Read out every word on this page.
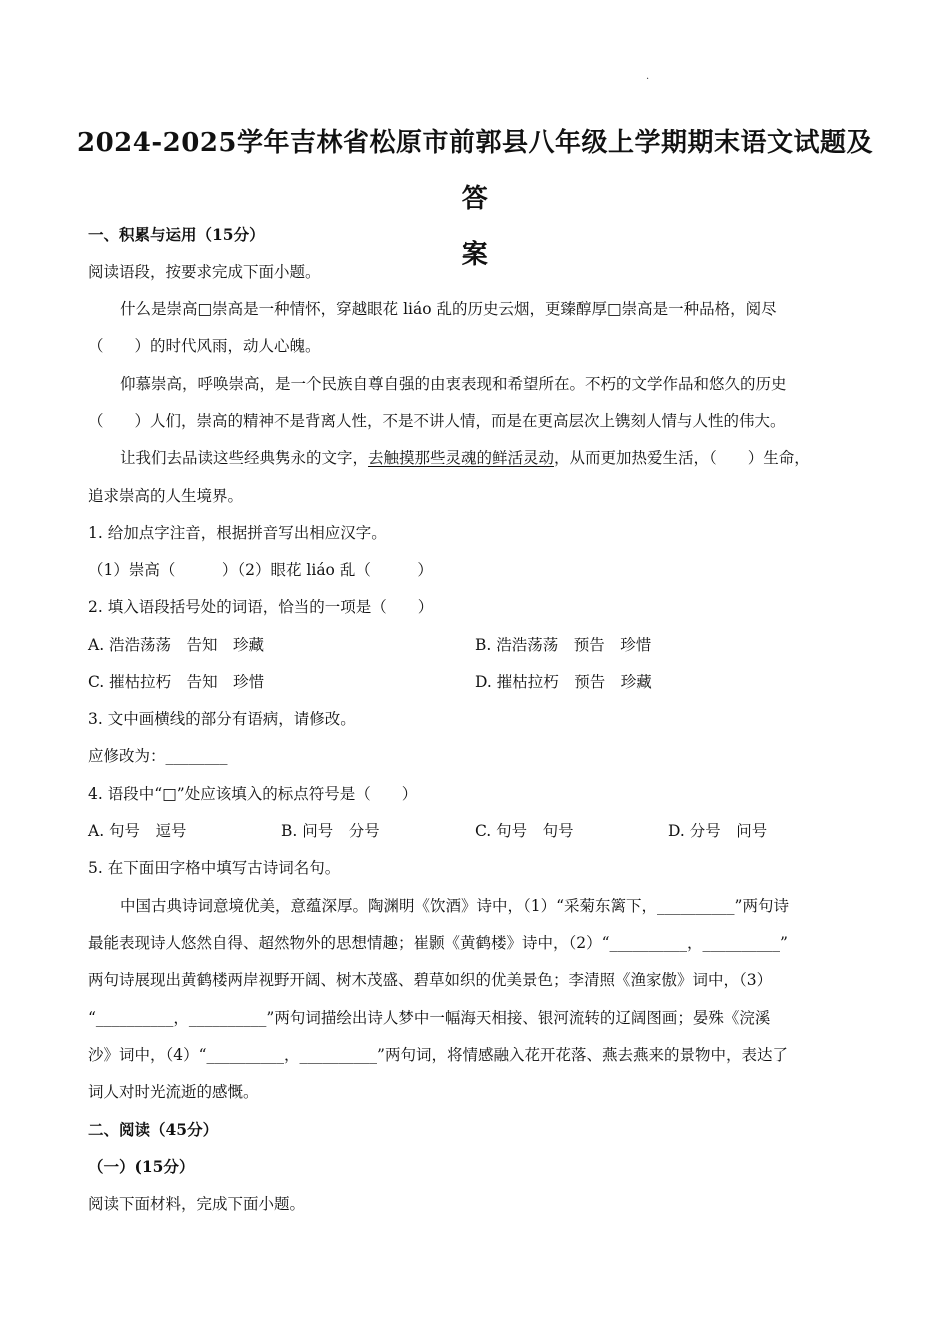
·
2024-2025学年吉林省松原市前郭县八年级上学期期末语文试题及答
案
一、积累与运用（15分）
阅读语段，按要求完成下面小题。
什么是崇高□崇高是一种情怀，穿越眼花 liáo 乱的历史云烟，更臻醇厚□崇高是一种品格，阅尽
（　　）的时代风雨，动人心魄。
仰慕崇高，呼唤崇高，是一个民族自尊自强的由衷表现和希望所在。不朽的文学作品和悠久的历史
（　　）人们，崇高的精神不是背离人性，不是不讲人情，而是在更高层次上镌刻人情与人性的伟大。
让我们去品读这些经典隽永的文字，去触摸那些灵魂的鲜活灵动，从而更加热爱生活，（　　）生命，
追求崇高的人生境界。
1. 给加点字注音，根据拼音写出相应汉字。
（1）崇高（　　　）（2）眼花 liáo 乱（　　　）
2. 填入语段括号处的词语，恰当的一项是（　　）
A. 浩浩荡荡　告知　珍藏	B. 浩浩荡荡　预告　珍惜
C. 摧枯拉朽　告知　珍惜	D. 摧枯拉朽　预告　珍藏
3. 文中画横线的部分有语病，请修改。
应修改为：________
4. 语段中“□”处应该填入的标点符号是（　　）
A. 句号　逗号	B. 问号　分号	C. 句号　句号	D. 分号　问号
5. 在下面田字格中填写古诗词名句。
中国古典诗词意境优美，意蕴深厚。陶渊明《饮酒》诗中，（1）“采菊东篱下，__________”两句诗
最能表现诗人悠然自得、超然物外的思想情趣；崔颢《黄鹤楼》诗中，（2）“__________，__________”
两句诗展现出黄鹤楼两岸视野开阔、树木茂盛、碧草如织的优美景色；李清照《渔家傲》词中，（3）
“__________，__________”两句词描绘出诗人梦中一幅海天相接、银河流转的辽阔图画；晏殊《浣溪
沙》词中，（4）“__________，__________”两句词，将情感融入花开花落、燕去燕来的景物中，表达了
词人对时光流逝的感慨。
二、阅读（45分）
（一）(15分）
阅读下面材料，完成下面小题。
